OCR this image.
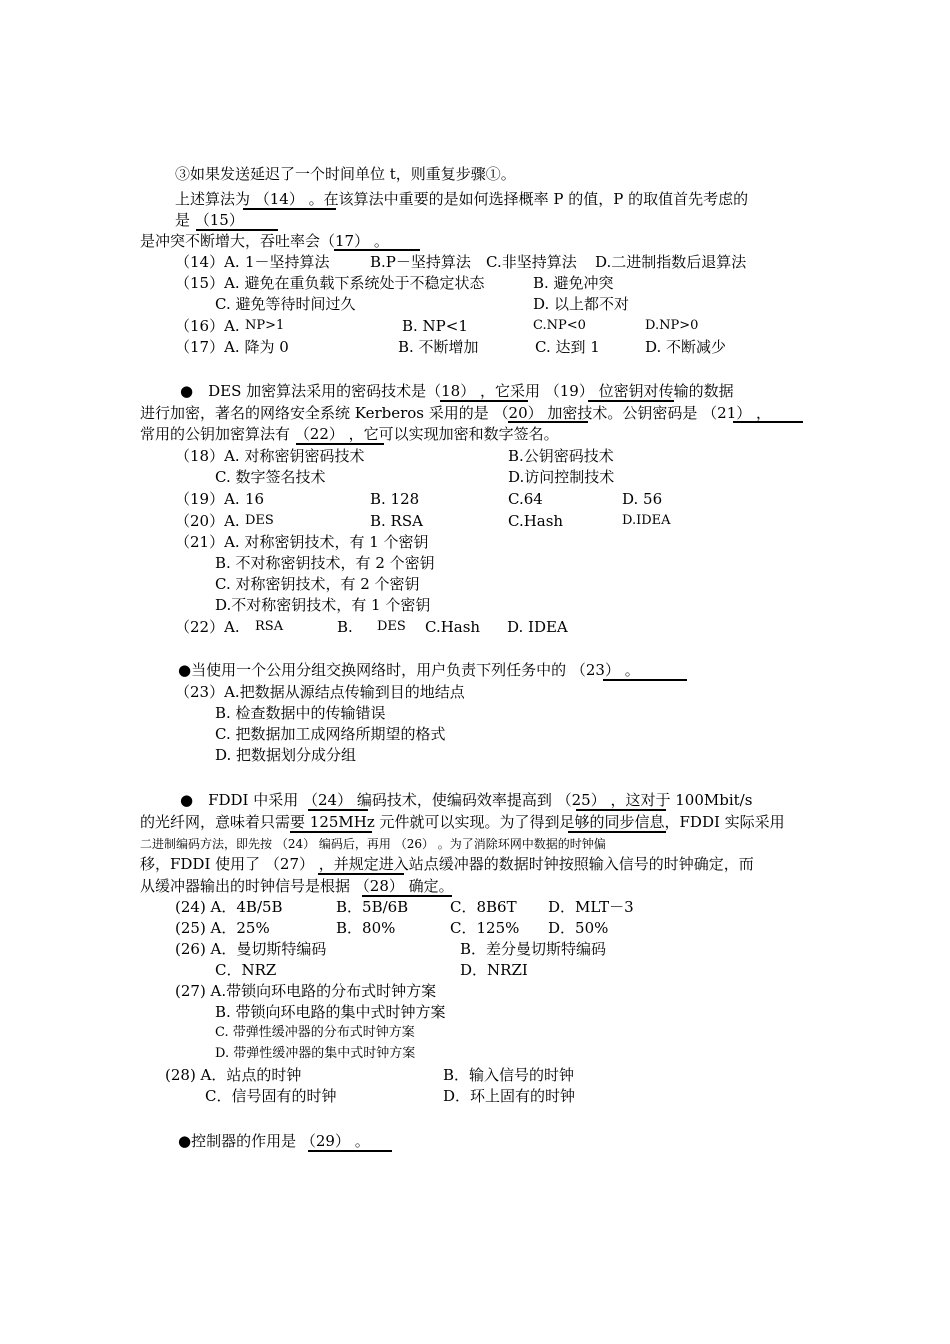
③如果发送延迟了一个时间单位 t，则重复步骤①。
上述算法为 （14） 。在该算法中重要的是如何选择概率 P 的值，P 的取值首先考虑的
是 （15）
是冲突不断增大，吞吐率会（17） 。
（14）A. 1－坚持算法	B.P－坚持算法 C.非坚持算法 D.二进制指数后退算法
（15）A. 避免在重负载下系统处于不稳定状态	B. 避免冲突
C. 避免等待时间过久	D. 以上都不对
（16）A. NP>1	B. NP<1	C.NP<0	D.NP>0
（17）A. 降为 0	B. 不断增加	C. 达到 1	D. 不断减少
●　DES 加密算法采用的密码技术是（18） ，它采用 （19） 位密钥对传输的数据
进行加密，著名的网络安全系统 Kerberos 采用的是 （20） 加密技术。公钥密码是 （21） ，
常用的公钥加密算法有 （22） ，它可以实现加密和数字签名。
（18）A. 对称密钥密码技术	B.公钥密码技术
C. 数字签名技术	D.访问控制技术
（19）A. 16	B. 128	C.64	D. 56
（20）A. DES	B. RSA	C.Hash	D.IDEA
（21）A. 对称密钥技术，有 1 个密钥
B. 不对称密钥技术，有 2 个密钥
C. 对称密钥技术，有 2 个密钥
D.不对称密钥技术，有 1 个密钥
（22）A. RSA	B. DES C.Hash D. IDEA
●当使用一个公用分组交换网络时，用户负责下列任务中的 （23） 。
（23）A.把数据从源结点传输到目的地结点
B. 检查数据中的传输错误
C. 把数据加工成网络所期望的格式
D. 把数据划分成分组
●　FDDI 中采用 （24） 编码技术，使编码效率提高到 （25） ，这对于 100Mbit/s
的光纤网，意味着只需要 125MHz 元件就可以实现。为了得到足够的同步信息，FDDI 实际采用
二进制编码方法，即先按 （24） 编码后，再用 （26） 。为了消除环网中数据的时钟偏
移，FDDI 使用了 （27） ，并规定进入站点缓冲器的数据时钟按照输入信号的时钟确定，而
从缓冲器输出的时钟信号是根据 （28） 确定。
(24) A．4B/5B	B．5B/6B	C．8B6T D．MLT－3
(25) A．25%	B．80%	C．125% D．50%
(26) A．曼切斯特编码	B．差分曼切斯特编码
C．NRZ	D．NRZI
(27) A.带锁向环电路的分布式时钟方案
B. 带锁向环电路的集中式时钟方案
C. 带弹性缓冲器的分布式时钟方案
D. 带弹性缓冲器的集中式时钟方案
(28) A．站点的时钟	B．输入信号的时钟
C．信号固有的时钟	D．环上固有的时钟
●控制器的作用是 （29） 。
